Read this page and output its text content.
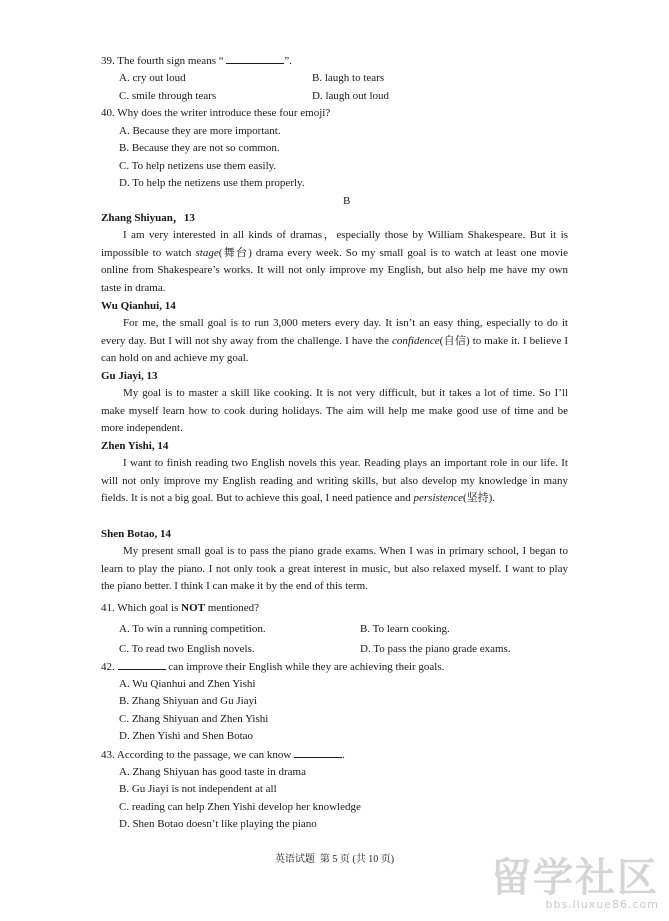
39. The fourth sign means “	”.
A. cry out loud	B. laugh to tears
C. smile through tears	D. laugh out loud
40. Why does the writer introduce these four emoji?
A. Because they are more important.
B. Because they are not so common.
C. To help netizens use them easily.
D. To help the netizens use them properly.
B
Zhang Shiyuan，13
I am very interested in all kinds of dramas，especially those by William Shakespeare. But it is impossible to watch stage(舞台) drama every week. So my small goal is to watch at least one movie online from Shakespeare’s works. It will not only improve my English, but also help me have my own taste in drama.
Wu Qianhui, 14
For me, the small goal is to run 3,000 meters every day. It isn’t an easy thing, especially to do it every day. But I will not shy away from the challenge. I have the confidence(自信) to make it. I believe I can hold on and achieve my goal.
Gu Jiayi, 13
My goal is to master a skill like cooking. It is not very difficult, but it takes a lot of time. So I’ll make myself learn how to cook during holidays. The aim will help me make good use of time and be more independent.
Zhen Yishi, 14
I want to finish reading two English novels this year. Reading plays an important role in our life. It will not only improve my English reading and writing skills, but also develop my knowledge in many fields. It is not a big goal. But to achieve this goal, I need patience and persistence(坚持).
Shen Botao, 14
My present small goal is to pass the piano grade exams. When I was in primary school, I began to learn to play the piano. I not only took a great interest in music, but also relaxed myself. I want to play the piano better. I think I can make it by the end of this term.
41. Which goal is NOT mentioned?
A. To win a running competition.	B. To learn cooking.
C. To read two English novels.	D. To pass the piano grade exams.
42.	can improve their English while they are achieving their goals.
A. Wu Qianhui and Zhen Yishi
B. Zhang Shiyuan and Gu Jiayi
C. Zhang Shiyuan and Zhen Yishi
D. Zhen Yishi and Shen Botao
43. According to the passage, we can know	.
A. Zhang Shiyuan has good taste in drama
B. Gu Jiayi is not independent at all
C. reading can help Zhen Yishi develop her knowledge
D. Shen Botao doesn’t like playing the piano
英语试题  第 5 页 (共 10 页)	留学社区
bbs.liuxue86.com
